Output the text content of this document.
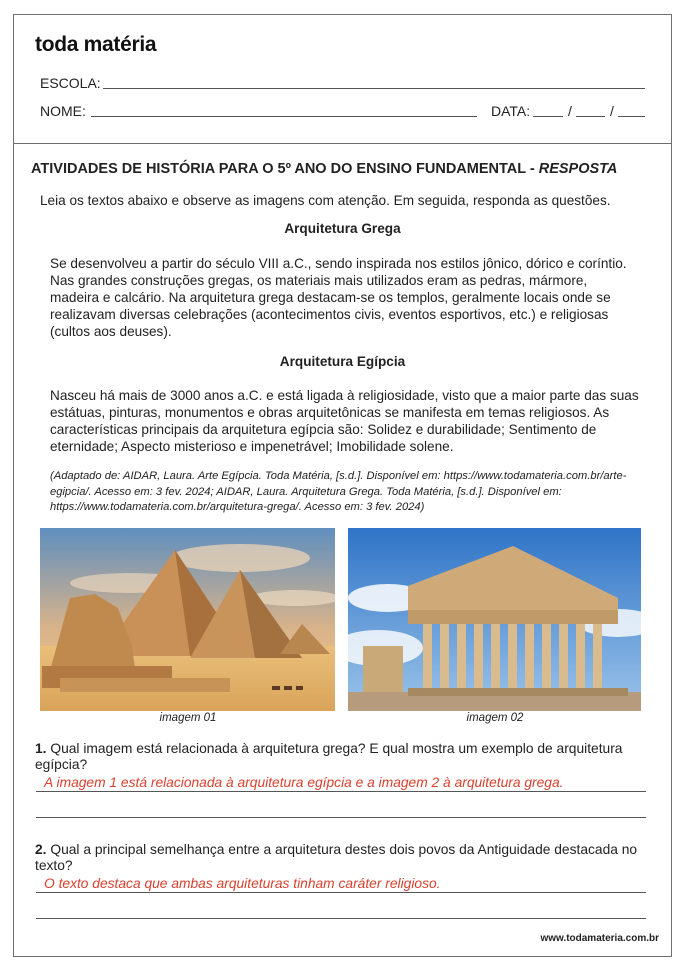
toda matéria
ESCOLA:
NOME:	DATA:	/	/
ATIVIDADES DE HISTÓRIA PARA O 5º ANO DO ENSINO FUNDAMENTAL - RESPOSTA
Leia os textos abaixo e observe as imagens com atenção. Em seguida, responda as questões.
Arquitetura Grega
Se desenvolveu a partir do século VIII a.C., sendo inspirada nos estilos jônico, dórico e coríntio. Nas grandes construções gregas, os materiais mais utilizados eram as pedras, mármore, madeira e calcário. Na arquitetura grega destacam-se os templos, geralmente locais onde se realizavam diversas celebrações (acontecimentos civis, eventos esportivos, etc.) e religiosas (cultos aos deuses).
Arquitetura Egípcia
Nasceu há mais de 3000 anos a.C. e está ligada à religiosidade, visto que a maior parte das suas estátuas, pinturas, monumentos e obras arquitetônicas se manifesta em temas religiosos. As características principais da arquitetura egípcia são: Solidez e durabilidade; Sentimento de eternidade; Aspecto misterioso e impenetrável; Imobilidade solene.
(Adaptado de: AIDAR, Laura. Arte Egípcia. Toda Matéria, [s.d.]. Disponível em: https://www.todamateria.com.br/arte-egipcia/. Acesso em: 3 fev. 2024; AIDAR, Laura. Arquitetura Grega. Toda Matéria, [s.d.]. Disponível em: https://www.todamateria.com.br/arquitetura-grega/. Acesso em: 3 fev. 2024)
imagem 01	imagem 02
1. Qual imagem está relacionada à arquitetura grega? E qual mostra um exemplo de arquitetura egípcia?
A imagem 1 está relacionada à arquitetura egípcia e a imagem 2 à arquitetura grega.
2. Qual a principal semelhança entre a arquitetura destes dois povos da Antiguidade destacada no texto?
O texto destaca que ambas arquiteturas tinham caráter religioso.
www.todamateria.com.br
